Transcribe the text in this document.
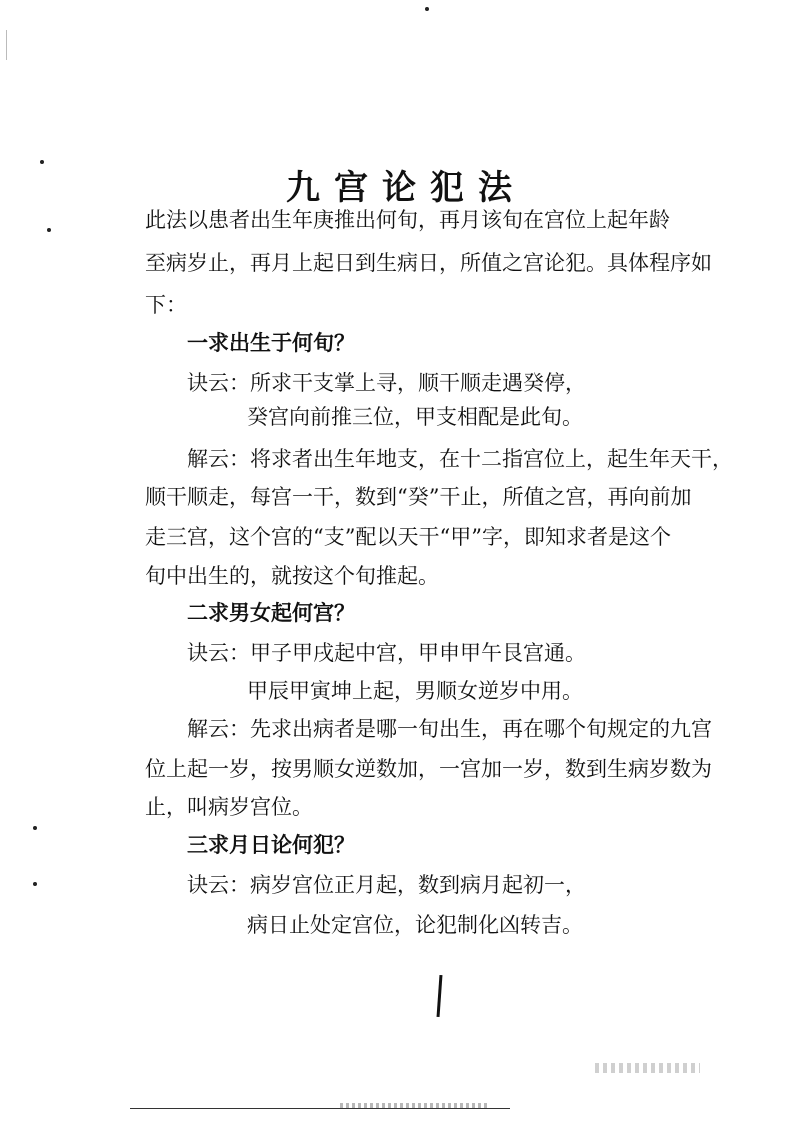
九宫论犯法
此法以患者出生年庚推出何旬，再月该旬在宫位上起年龄
至病岁止，再月上起日到生病日，所值之宫论犯。具体程序如
下：
一求出生于何旬？
诀云：所求干支掌上寻，顺干顺走遇癸停，
癸宫向前推三位，甲支相配是此旬。
解云：将求者出生年地支，在十二指宫位上，起生年天干，
顺干顺走，每宫一干，数到“癸”干止，所值之宫，再向前加
走三宫，这个宫的“支”配以天干“甲”字，即知求者是这个
旬中出生的，就按这个旬推起。
二求男女起何宫？
诀云：甲子甲戌起中宫，甲申甲午艮宫通。
甲辰甲寅坤上起，男顺女逆岁中用。
解云：先求出病者是哪一旬出生，再在哪个旬规定的九宫
位上起一岁，按男顺女逆数加，一宫加一岁，数到生病岁数为
止，叫病岁宫位。
三求月日论何犯？
诀云：病岁宫位正月起，数到病月起初一，
病日止处定宫位，论犯制化凶转吉。
